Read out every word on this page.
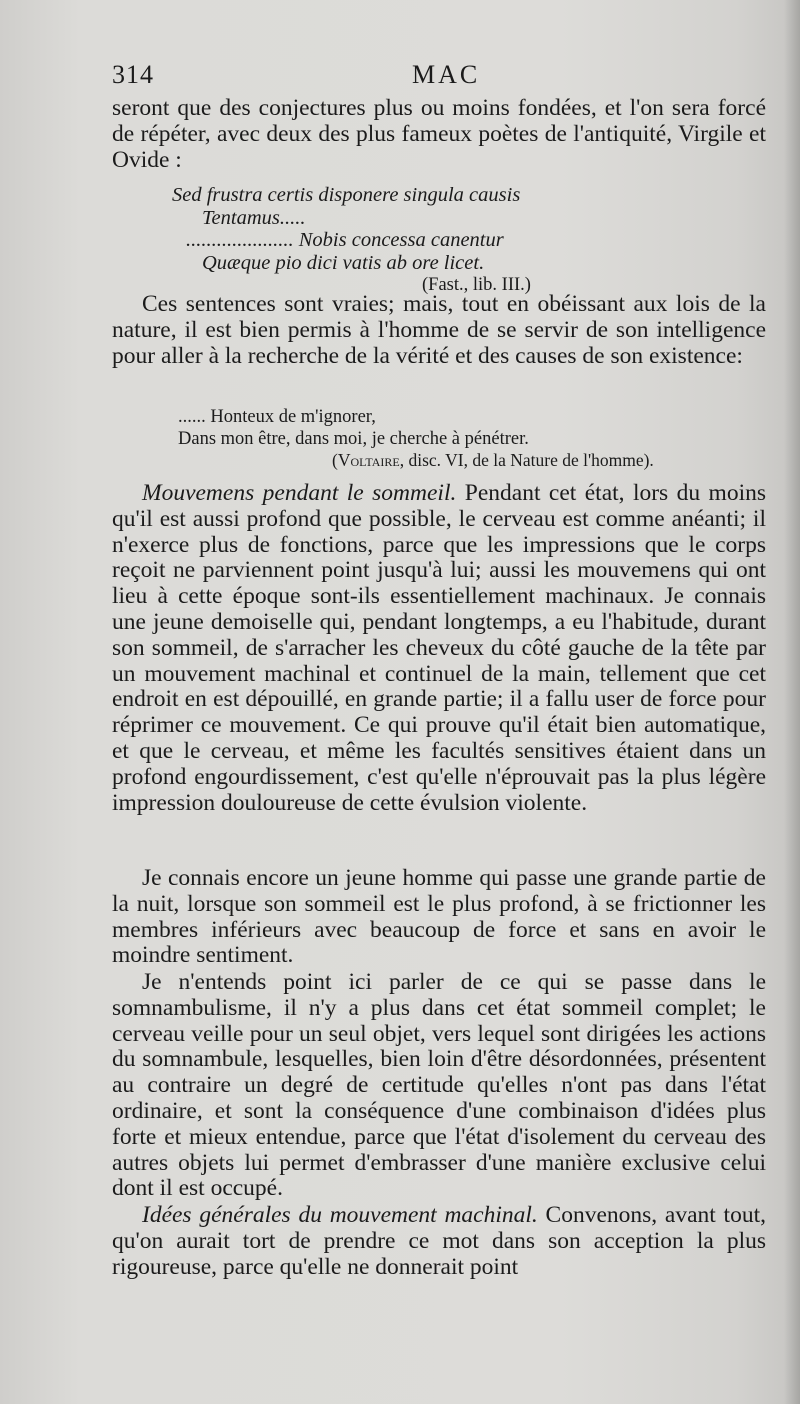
314	MAC

seront que des conjectures plus ou moins fondées, et l'on sera forcé de répéter, avec deux des plus fameux poètes de l'antiquité, Virgile et Ovide :

Sed frustra certis disponere singula causis

Tentamus.....

..................... Nobis concessa canentur

Quæque pio dici vatis ab ore licet.

(Fast., lib. III.)

Ces sentences sont vraies; mais, tout en obéissant aux lois de la nature, il est bien permis à l'homme de se servir de son intelligence pour aller à la recherche de la vérité et des causes de son existence:

...... Honteux de m'ignorer,

Dans mon être, dans moi, je cherche à pénétrer.

(Voltaire, disc. VI, de la Nature de l'homme).

Mouvemens pendant le sommeil. Pendant cet état, lors du moins qu'il est aussi profond que possible, le cerveau est comme anéanti; il n'exerce plus de fonctions, parce que les impressions que le corps reçoit ne parviennent point jusqu'à lui; aussi les mouvemens qui ont lieu à cette époque sont-ils essentiellement machinaux. Je connais une jeune demoiselle qui, pendant longtemps, a eu l'habitude, durant son sommeil, de s'arracher les cheveux du côté gauche de la tête par un mouvement machinal et continuel de la main, tellement que cet endroit en est dépouillé, en grande partie; il a fallu user de force pour réprimer ce mouvement. Ce qui prouve qu'il était bien automatique, et que le cerveau, et même les facultés sensitives étaient dans un profond engourdissement, c'est qu'elle n'éprouvait pas la plus légère impression douloureuse de cette évulsion violente.

Je connais encore un jeune homme qui passe une grande partie de la nuit, lorsque son sommeil est le plus profond, à se frictionner les membres inférieurs avec beaucoup de force et sans en avoir le moindre sentiment.

Je n'entends point ici parler de ce qui se passe dans le somnambulisme, il n'y a plus dans cet état sommeil complet; le cerveau veille pour un seul objet, vers lequel sont dirigées les actions du somnambule, lesquelles, bien loin d'être désordonnées, présentent au contraire un degré de certitude qu'elles n'ont pas dans l'état ordinaire, et sont la conséquence d'une combinaison d'idées plus forte et mieux entendue, parce que l'état d'isolement du cerveau des autres objets lui permet d'embrasser d'une manière exclusive celui dont il est occupé.

Idées générales du mouvement machinal. Convenons, avant tout, qu'on aurait tort de prendre ce mot dans son acception la plus rigoureuse, parce qu'elle ne donnerait point
